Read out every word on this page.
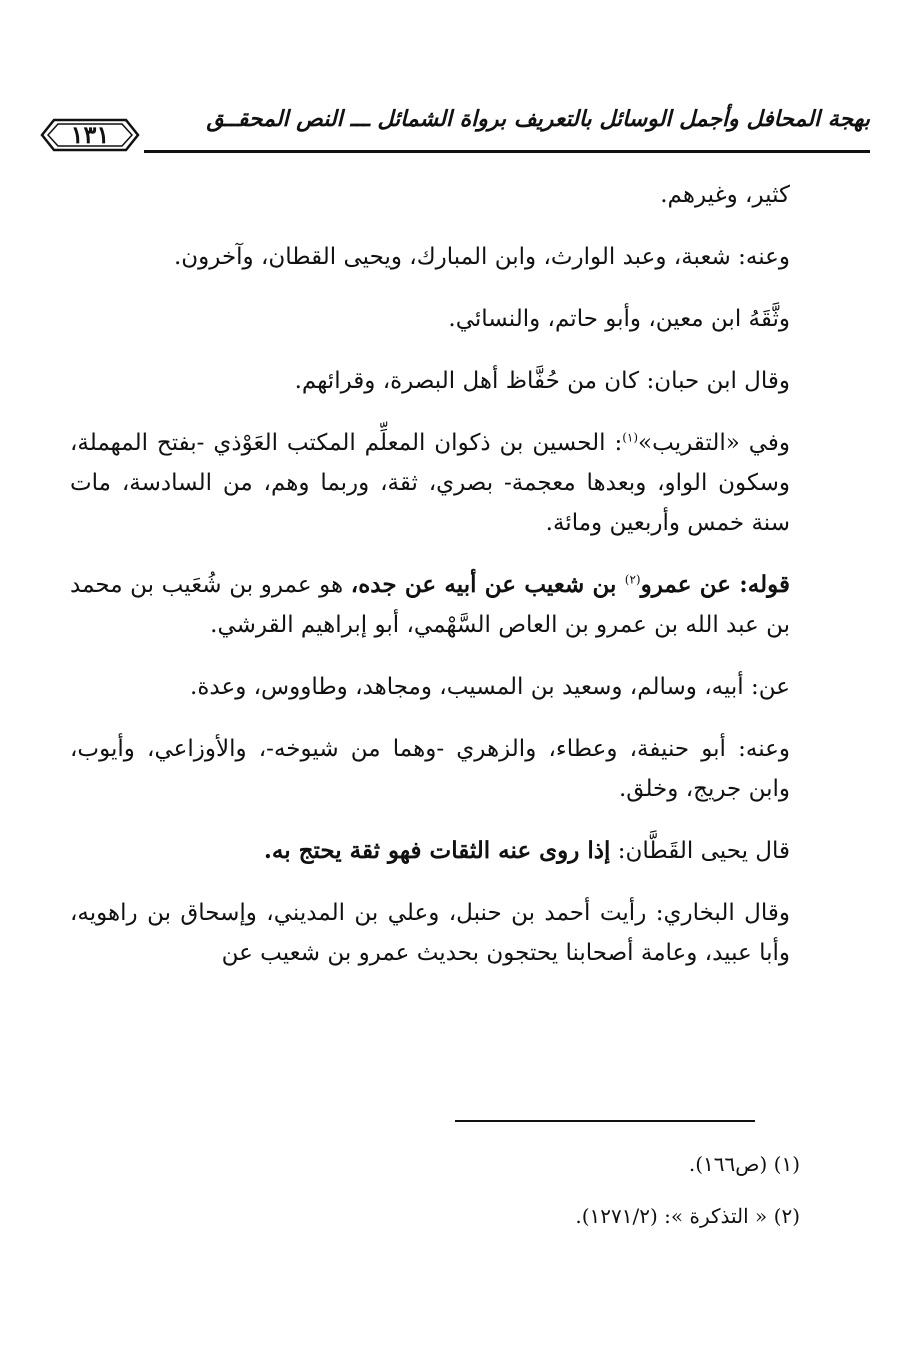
١٣١
بهجة المحافل وأجمل الوسائل بالتعريف برواة الشمائل ـــ النص المحقــق

كثير، وغيرهم.

وعنه: شعبة، وعبد الوارث، وابن المبارك، ويحيى القطان، وآخرون.

وثَّقَهُ ابن معين، وأبو حاتم، والنسائي.

وقال ابن حبان: كان من حُفَّاظ أهل البصرة، وقرائهم.

وفي «التقريب»$^{(١)}$: الحسين بن ذكوان المعلِّم المكتب العَوْذي -بفتح المهملة، وسكون الواو، وبعدها معجمة- بصري، ثقة، وربما وهم، من السادسة، مات سنة خمس وأربعين ومائة.

قوله: عن عمرو$^{(٢)}$ بن شعيب عن أبيه عن جده، هو عمرو بن شُعَيب بن محمد بن عبد الله بن عمرو بن العاص السَّهْمي، أبو إبراهيم القرشي.

عن: أبيه، وسالم، وسعيد بن المسيب، ومجاهد، وطاووس، وعدة.

وعنه: أبو حنيفة، وعطاء، والزهري -وهما من شيوخه-، والأوزاعي، وأيوب، وابن جريج، وخلق.

قال يحيى القَطَّان: إذا روى عنه الثقات فهو ثقة يحتج به.

وقال البخاري: رأيت أحمد بن حنبل، وعلي بن المديني، وإسحاق بن راهويه، وأبا عبيد، وعامة أصحابنا يحتجون بحديث عمرو بن شعيب عن

(١) (ص١٦٦).
(٢) « التذكرة »: (١٢٧١/٢).
